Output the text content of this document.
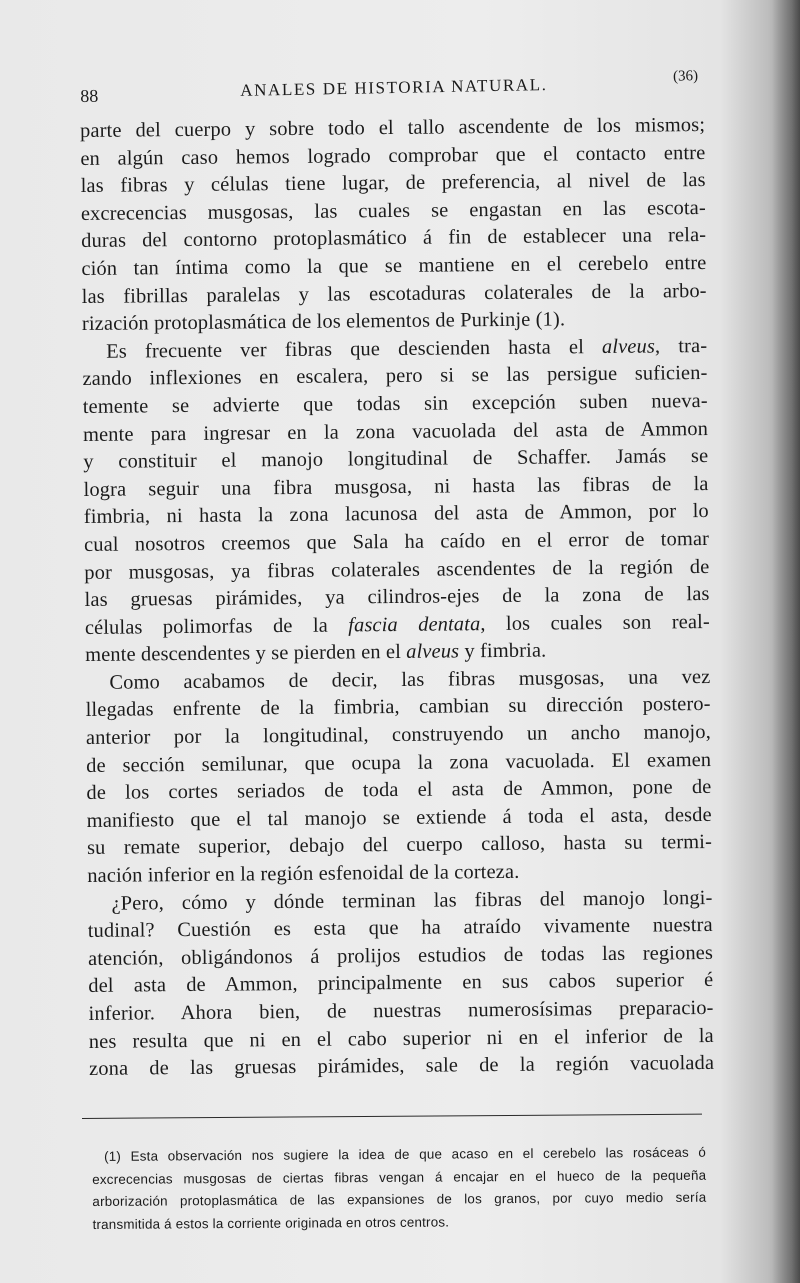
88	ANALES DE HISTORIA NATURAL.	(36)
parte del cuerpo y sobre todo el tallo ascendente de los mismos;
en algún caso hemos logrado comprobar que el contacto entre
las fibras y células tiene lugar, de preferencia, al nivel de las
excrecencias musgosas, las cuales se engastan en las escota-
duras del contorno protoplasmático á fin de establecer una rela-
ción tan íntima como la que se mantiene en el cerebelo entre
las fibrillas paralelas y las escotaduras colaterales de la arbo-
rización protoplasmática de los elementos de Purkinje (1).
Es frecuente ver fibras que descienden hasta el alveus, tra-
zando inflexiones en escalera, pero si se las persigue suficien-
temente se advierte que todas sin excepción suben nueva-
mente para ingresar en la zona vacuolada del asta de Ammon
y constituir el manojo longitudinal de Schaffer. Jamás se
logra seguir una fibra musgosa, ni hasta las fibras de la
fimbria, ni hasta la zona lacunosa del asta de Ammon, por lo
cual nosotros creemos que Sala ha caído en el error de tomar
por musgosas, ya fibras colaterales ascendentes de la región de
las gruesas pirámides, ya cilindros-ejes de la zona de las
células polimorfas de la fascia dentata, los cuales son real-
mente descendentes y se pierden en el alveus y fimbria.
Como acabamos de decir, las fibras musgosas, una vez
llegadas enfrente de la fimbria, cambian su dirección postero-
anterior por la longitudinal, construyendo un ancho manojo,
de sección semilunar, que ocupa la zona vacuolada. El examen
de los cortes seriados de toda el asta de Ammon, pone de
manifiesto que el tal manojo se extiende á toda el asta, desde
su remate superior, debajo del cuerpo calloso, hasta su termi-
nación inferior en la región esfenoidal de la corteza.
¿Pero, cómo y dónde terminan las fibras del manojo longi-
tudinal? Cuestión es esta que ha atraído vivamente nuestra
atención, obligándonos á prolijos estudios de todas las regiones
del asta de Ammon, principalmente en sus cabos superior é
inferior. Ahora bien, de nuestras numerosísimas preparacio-
nes resulta que ni en el cabo superior ni en el inferior de la
zona de las gruesas pirámides, sale de la región vacuolada
(1) Esta observación nos sugiere la idea de que acaso en el cerebelo las rosáceas ó
excrecencias musgosas de ciertas fibras vengan á encajar en el hueco de la pequeña
arborización protoplasmática de las expansiones de los granos, por cuyo medio sería
transmitida á estos la corriente originada en otros centros.
